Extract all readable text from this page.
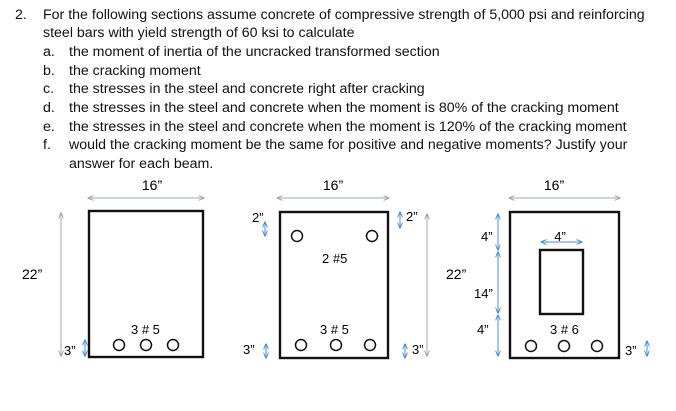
2. For the following sections assume concrete of compressive strength of 5,000 psi and reinforcing
steel bars with yield strength of 60 ksi to calculate
a. the moment of inertia of the uncracked transformed section
b. the cracking moment
c. the stresses in the steel and concrete right after cracking
d. the stresses in the steel and concrete when the moment is 80% of the cracking moment
e. the stresses in the steel and concrete when the moment is 120% of the cracking moment
f. would the cracking moment be the same for positive and negative moments? Justify your
answer for each beam.
16”
22”
3 # 5
3”
16”
2”	2”
2 #5
3 # 5
3”	3”
16”
4”
22”
4”
14”
4”	3 # 6
3”
